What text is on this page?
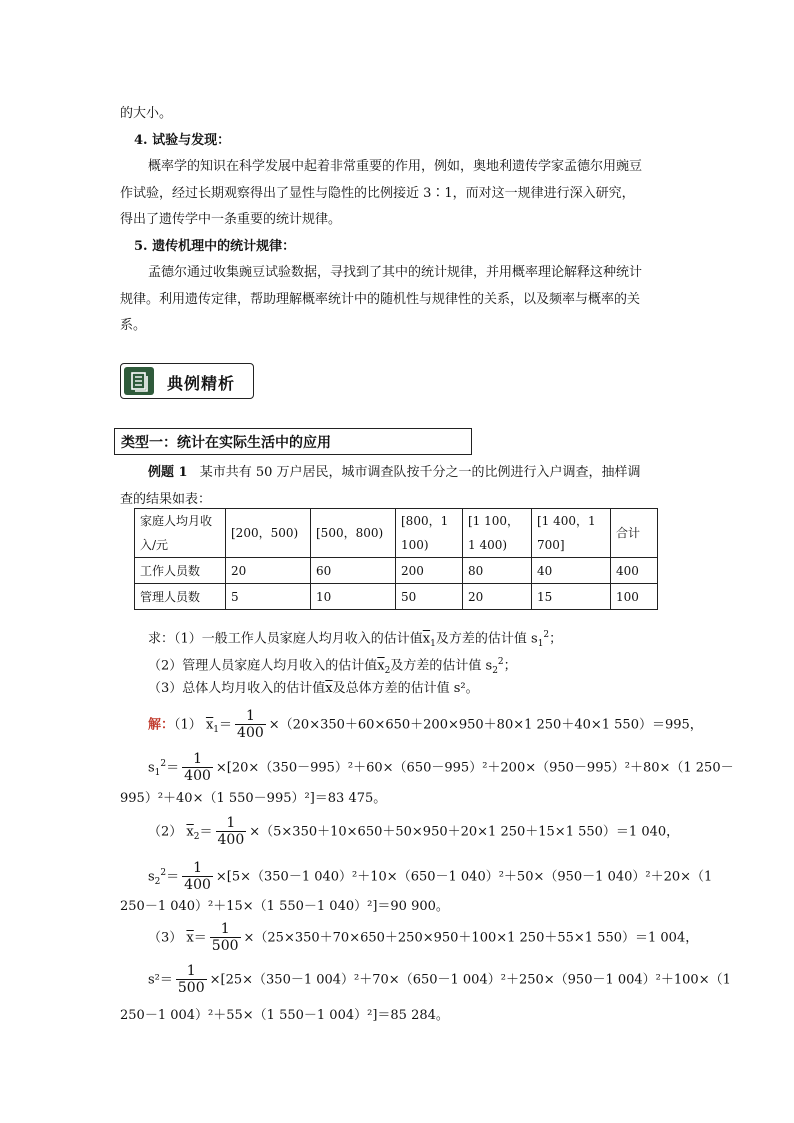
的大小。
4. 试验与发现：
概率学的知识在科学发展中起着非常重要的作用，例如，奥地利遗传学家孟德尔用豌豆
作试验，经过长期观察得出了显性与隐性的比例接近 3∶1，而对这一规律进行深入研究，
得出了遗传学中一条重要的统计规律。
5. 遗传机理中的统计规律：
孟德尔通过收集豌豆试验数据，寻找到了其中的统计规律，并用概率理论解释这种统计
规律。利用遗传定律，帮助理解概率统计中的随机性与规律性的关系，以及频率与概率的关
系。
典例精析
类型一：统计在实际生活中的应用
例题 1 某市共有 50 万户居民，城市调查队按千分之一的比例进行入户调查，抽样调
查的结果如表：
家庭人均月收入/元	[200，500)	[500，800)	[800，1 100)	[1 100，1 400)	[1 400，1 700]	合计
工作人员数	20	60	200	80	40	400
管理人员数	5	10	50	20	15	100
求：（1）一般工作人员家庭人均月收入的估计值$\overline{x}_1$及方差的估计值 $s_1^2$；
（2）管理人员家庭人均月收入的估计值$\overline{x}_2$及方差的估计值 $s_2^2$；
（3）总体人均月收入的估计值$\overline{x}$及总体方差的估计值 s²。
解：（1） $\overline{x}_1= \frac{1}{400} \times(20\times 350+60\times 650+200\times 950+80\times 1$ 250＋40×1 550）＝995，
$s_1^2= \frac{1}{400} \times[20\times(350-995)^2+60\times(650-995)^2+200\times(950-995)^2+80\times(1$ 250－
995）²＋40×（1 550－995）²]＝83 475。
（2） $\overline{x}_2= \frac{1}{400} \times(5\times 350+10\times 650+50\times 950+20\times 1$ 250＋15×1 550）＝1 040，
$s_2^2= \frac{1}{400} \times[5\times(350-1$ 040）²＋10×（650－1 040）²＋50×（950－1 040）²＋20×（1
250－1 040）²＋15×（1 550－1 040）²]＝90 900。
（3） $\overline{x}= \frac{1}{500} \times(25\times 350+70\times 650+250\times 950+100\times 1$ 250＋55×1 550）＝1 004，
$s^2= \frac{1}{500} \times[25\times(350-1$ 004）²＋70×（650－1 004）²＋250×（950－1 004）²＋100×（1
250－1 004）²＋55×（1 550－1 004）²]＝85 284。
